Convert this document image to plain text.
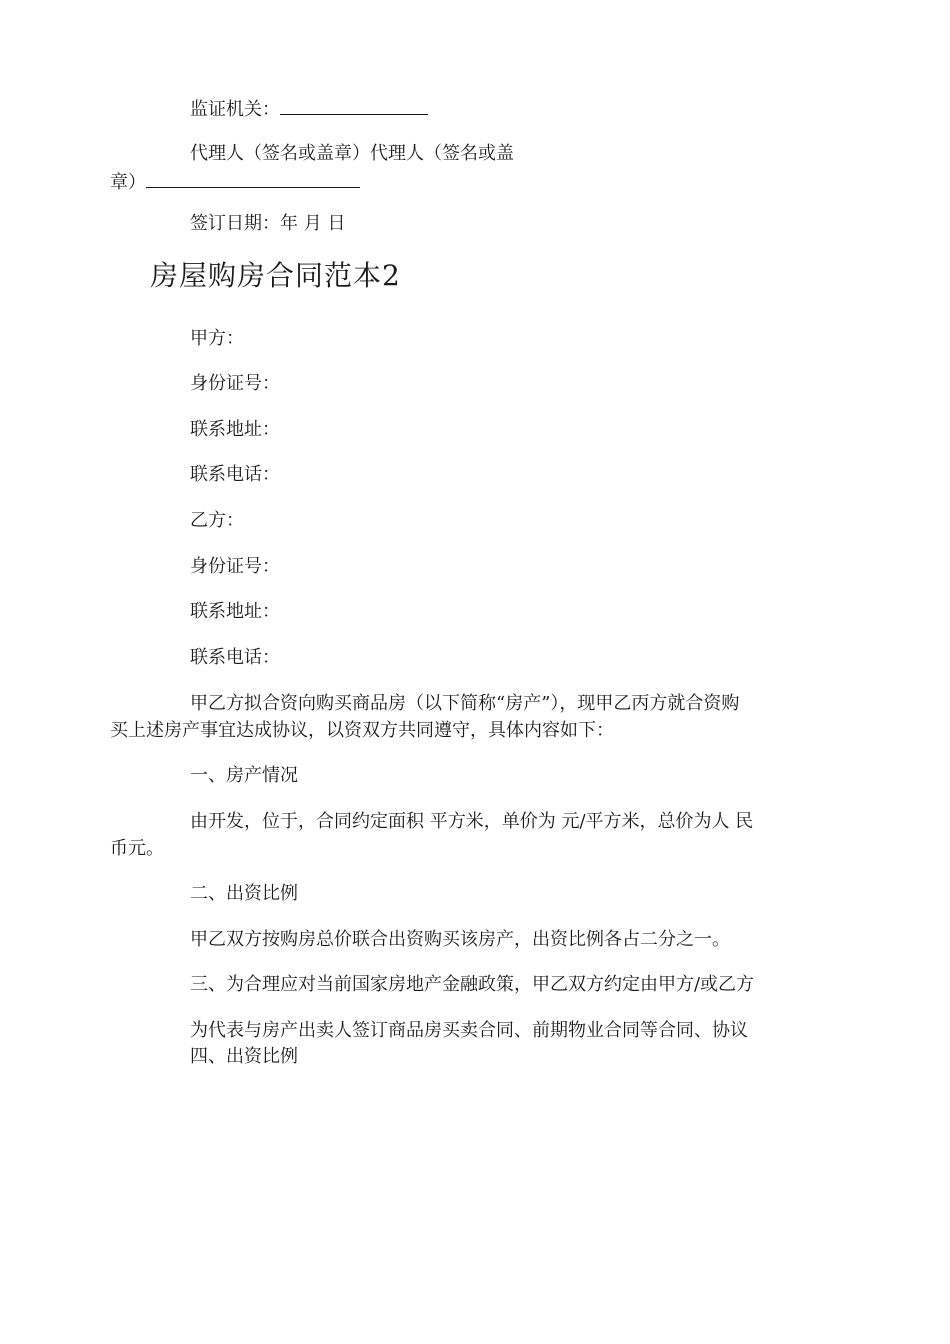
监证机关：

代理人（签名或盖章）代理人（签名或盖

章）

签订日期：年 月 日

房屋购房合同范本2

甲方：

身份证号：

联系地址：

联系电话：

乙方：

身份证号：

联系地址：

联系电话：

甲乙方拟合资向购买商品房（以下简称“房产”），现甲乙丙方就合资购

买上述房产事宜达成协议，以资双方共同遵守，具体内容如下：

一、房产情况

由开发，位于，合同约定面积 平方米，单价为 元/平方米，总价为人 民

币元。

二、出资比例

甲乙双方按购房总价联合出资购买该房产，出资比例各占二分之一。

三、为合理应对当前国家房地产金融政策，甲乙双方约定由甲方/或乙方

为代表与房产出卖人签订商品房买卖合同、前期物业合同等合同、协议

四、出资比例
